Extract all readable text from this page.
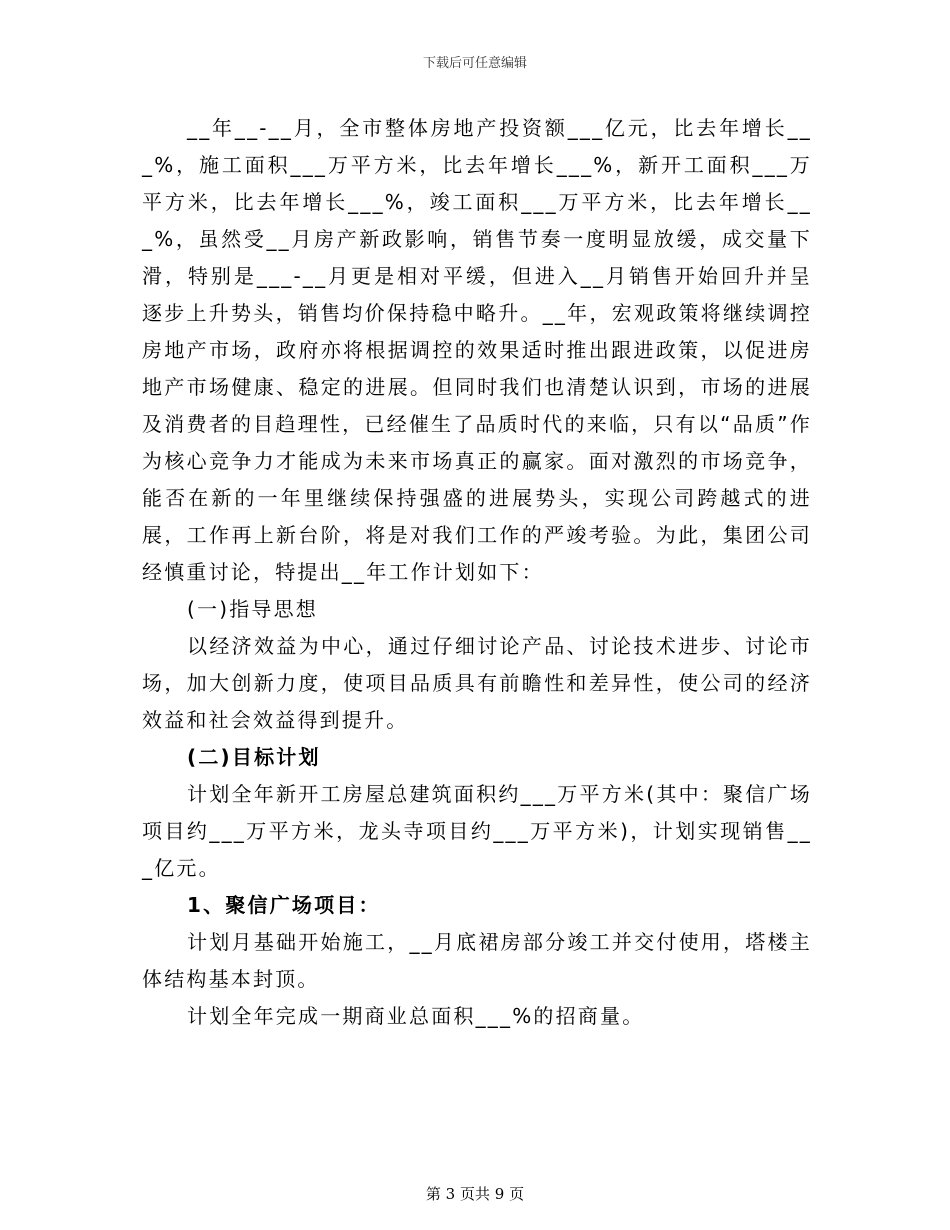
下载后可任意编辑

__年__-__月，全市整体房地产投资额___亿元，比去年增长___%，施工面积___万平方米，比去年增长___%，新开工面积___万平方米，比去年增长___%，竣工面积___万平方米，比去年增长___%，虽然受__月房产新政影响，销售节奏一度明显放缓，成交量下滑，特别是___-__月更是相对平缓，但进入__月销售开始回升并呈逐步上升势头，销售均价保持稳中略升。__年，宏观政策将继续调控房地产市场，政府亦将根据调控的效果适时推出跟进政策，以促进房地产市场健康、稳定的进展。但同时我们也清楚认识到，市场的进展及消费者的目趋理性，已经催生了品质时代的来临，只有以“品质”作为核心竞争力才能成为未来市场真正的赢家。面对激烈的市场竞争，能否在新的一年里继续保持强盛的进展势头，实现公司跨越式的进展，工作再上新台阶，将是对我们工作的严竣考验。为此，集团公司经慎重讨论，特提出__年工作计划如下：

(一)指导思想

以经济效益为中心，通过仔细讨论产品、讨论技术进步、讨论市场，加大创新力度，使项目品质具有前瞻性和差异性，使公司的经济效益和社会效益得到提升。

(二)目标计划

计划全年新开工房屋总建筑面积约___万平方米(其中：聚信广场项目约___万平方米，龙头寺项目约___万平方米)，计划实现销售___亿元。

1、聚信广场项目：

计划月基础开始施工，__月底裙房部分竣工并交付使用，塔楼主体结构基本封顶。

计划全年完成一期商业总面积___%的招商量。

第 3 页共 9 页
